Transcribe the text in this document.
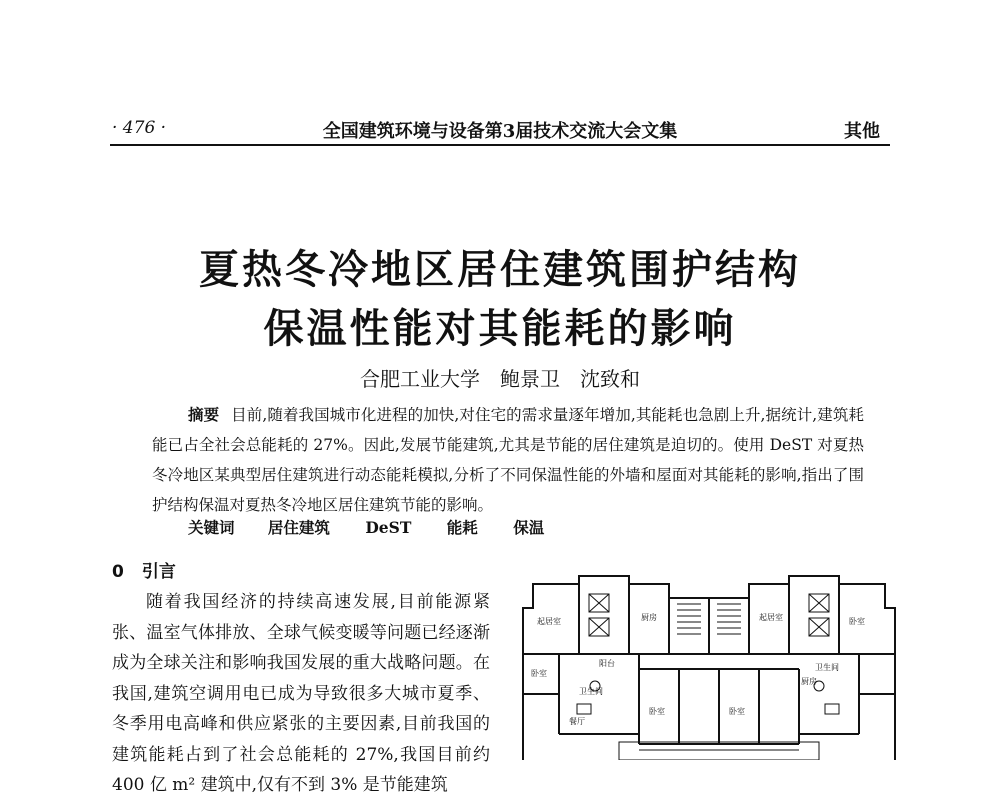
· 476 ·	全国建筑环境与设备第3届技术交流大会文集	其他
夏热冬冷地区居住建筑围护结构
保温性能对其能耗的影响
合肥工业大学　鲍景卫　沈致和

摘要 目前,随着我国城市化进程的加快,对住宅的需求量逐年增加,其能耗也急剧上升,据统计,建筑耗能已占全社会总能耗的 27%。因此,发展节能建筑,尤其是节能的居住建筑是迫切的。使用 DeST 对夏热冬冷地区某典型居住建筑进行动态能耗模拟,分析了不同保温性能的外墙和屋面对其能耗的影响,指出了围护结构保温对夏热冬冷地区居住建筑节能的影响。

关键词 居住建筑 DeST 能耗 保温
0 引言

随着我国经济的持续高速发展,目前能源紧张、温室气体排放、全球气候变暖等问题已经逐渐成为全球关注和影响我国发展的重大战略问题。在我国,建筑空调用电已成为导致很多大城市夏季、冬季用电高峰和供应紧张的主要因素,目前我国的建筑能耗占到了社会总能耗的 27%,我国目前约 400 亿 m² 建筑中,仅有不到 3% 是节能建筑

起居室
卧室
厨房
卫生间
餐厅
阳台
起居室	卧室
厨房
卫生间
卧室	卧室
